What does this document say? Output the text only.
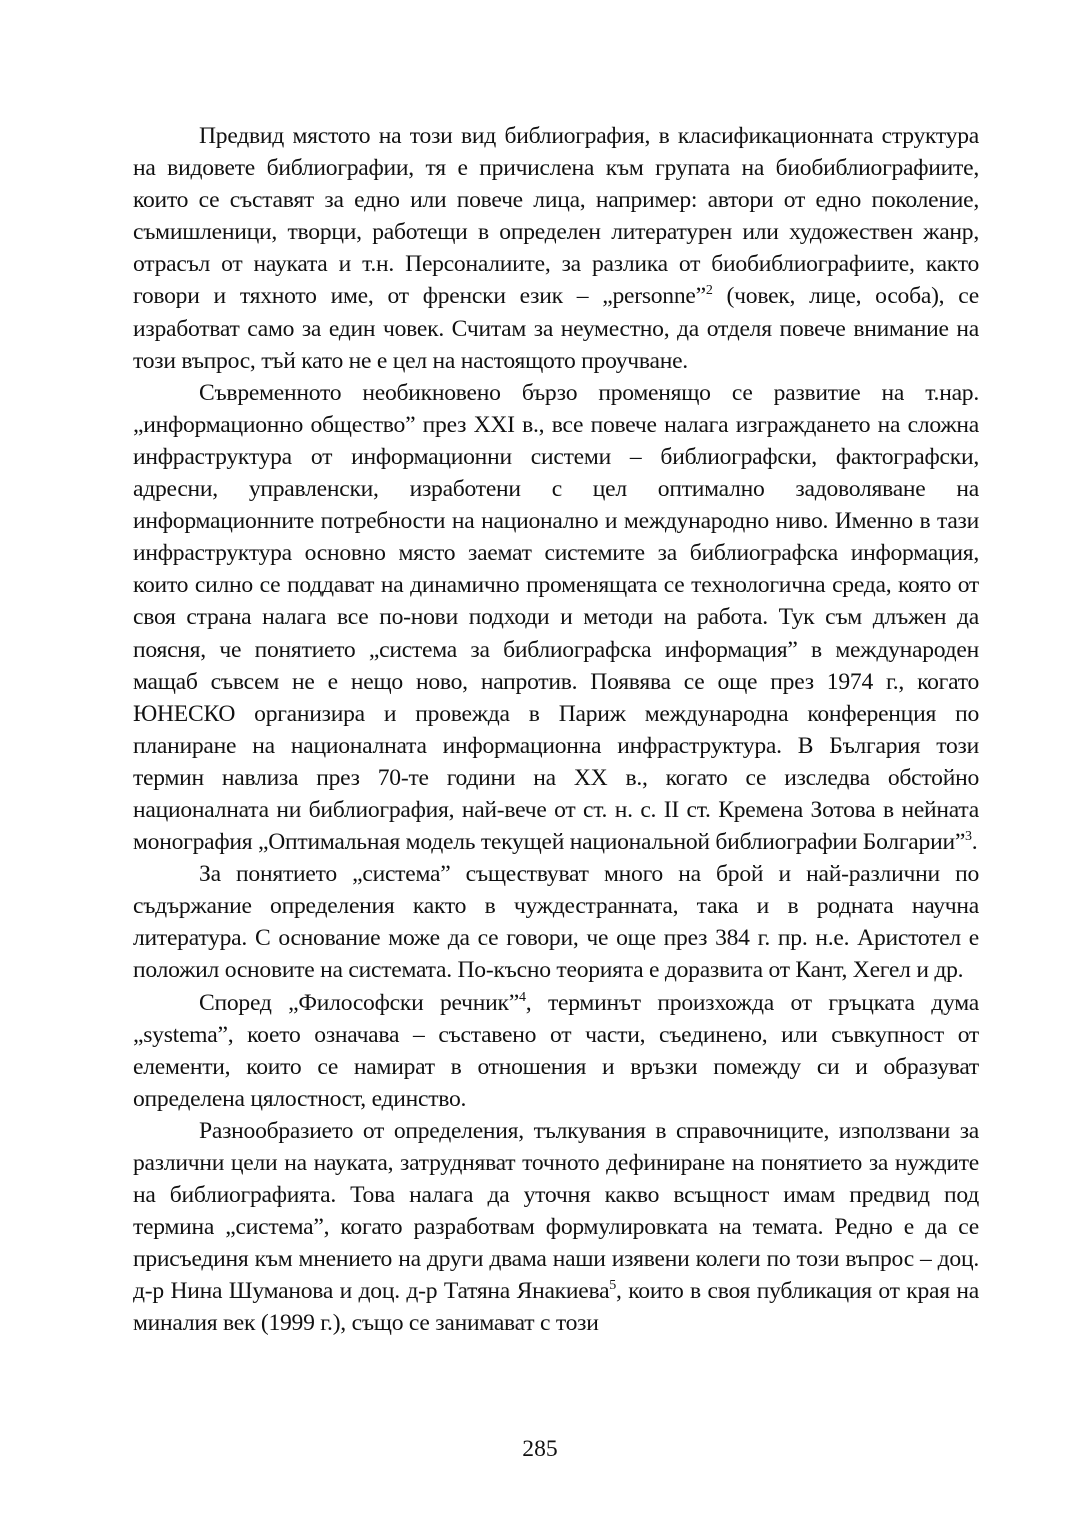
Предвид мястото на този вид библиография, в класификационната структура на видовете библиографии, тя е причислена към групата на биобиблиографиите, които се съставят за едно или повече лица, например: автори от едно поколение, съмишленици, творци, работещи в определен литературен или художествен жанр, отрасъл от науката и т.н. Персоналиите, за разлика от биобиблиографиите, както говори и тяхното име, от френски език – „personne”$^2$ (човек, лице, особа), се изработват само за един човек. Считам за неуместно, да отделя повече внимание на този въпрос, тъй като не е цел на настоящото проучване.

Съвременното необикновено бързо променящо се развитие на т.нар. „информационно общество” през XXI в., все повече налага изграждането на сложна инфраструктура от информационни системи – библиографски, фактографски, адресни, управленски, изработени с цел оптимално задоволяване на информационните потребности на национално и международно ниво. Именно в тази инфраструктура основно място заемат системите за библиографска информация, които силно се поддават на динамично променящата се технологична среда, която от своя страна налага все по-нови подходи и методи на работа. Тук съм длъжен да поясня, че понятието „система за библиографска информация” в международен мащаб съвсем не е нещо ново, напротив. Появява се още през 1974 г., когато ЮНЕСКО организира и провежда в Париж международна конференция по планиране на националната информационна инфраструктура. В България този термин навлиза през 70-те години на XX в., когато се изследва обстойно националната ни библиография, най-вече от ст. н. с. II ст. Кремена Зотова в нейната монография „Оптимальная модель текущей национальной библиографии Болгарии”$^3$.

За понятието „система” съществуват много на брой и най-различни по съдържание определения както в чуждестранната, така и в родната научна литература. С основание може да се говори, че още през 384 г. пр. н.е. Аристотел е положил основите на системата. По-късно теорията е доразвита от Кант, Хегел и др.

Според „Философски речник”$^4$, терминът произхожда от гръцката дума „systema”, което означава – съставено от части, съединено, или съвкупност от елементи, които се намират в отношения и връзки помежду си и образуват определена цялостност, единство.

Разнообразието от определения, тълкувания в справочниците, използвани за различни цели на науката, затрудняват точното дефиниране на понятието за нуждите на библиографията. Това налага да уточня какво всъщност имам предвид под термина „система”, когато разработвам формулировката на темата. Редно е да се присъединя към мнението на други двама наши изявени колеги по този въпрос – доц. д-р Нина Шуманова и доц. д-р Татяна Янакиева$^5$, които в своя публикация от края на миналия век (1999 г.), също се занимават с този

285
